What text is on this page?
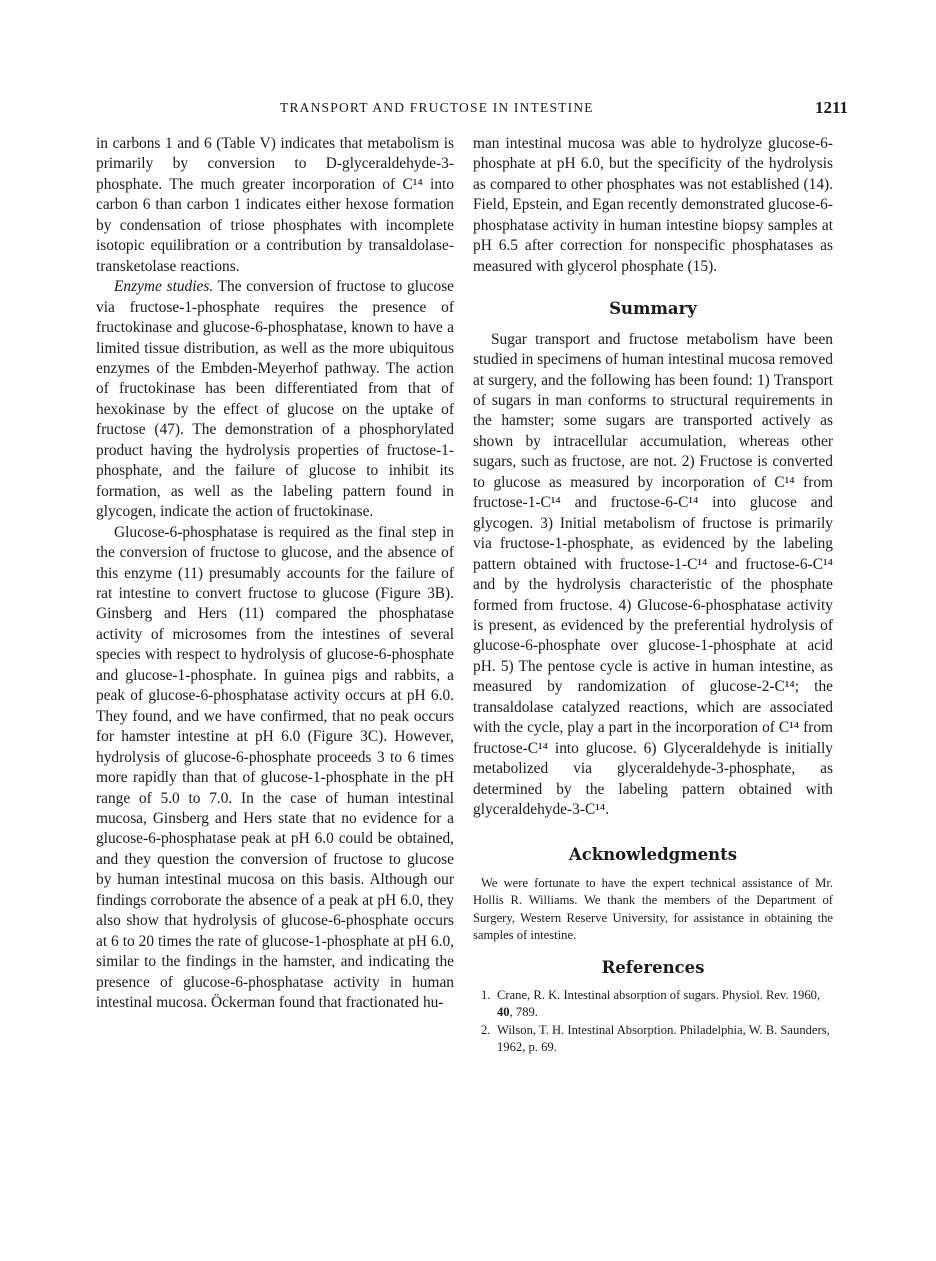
TRANSPORT AND FRUCTOSE IN INTESTINE	1211

in carbons 1 and 6 (Table V) indicates that metabolism is primarily by conversion to D-glyceraldehyde-3-phosphate. The much greater incorporation of C¹⁴ into carbon 6 than carbon 1 indicates either hexose formation by condensation of triose phosphates with incomplete isotopic equilibration or a contribution by transaldolase-transketolase reactions.

Enzyme studies. The conversion of fructose to glucose via fructose-1-phosphate requires the presence of fructokinase and glucose-6-phosphatase, known to have a limited tissue distribution, as well as the more ubiquitous enzymes of the Embden-Meyerhof pathway. The action of fructokinase has been differentiated from that of hexokinase by the effect of glucose on the uptake of fructose (47). The demonstration of a phosphorylated product having the hydrolysis properties of fructose-1-phosphate, and the failure of glucose to inhibit its formation, as well as the labeling pattern found in glycogen, indicate the action of fructokinase.

Glucose-6-phosphatase is required as the final step in the conversion of fructose to glucose, and the absence of this enzyme (11) presumably accounts for the failure of rat intestine to convert fructose to glucose (Figure 3B). Ginsberg and Hers (11) compared the phosphatase activity of microsomes from the intestines of several species with respect to hydrolysis of glucose-6-phosphate and glucose-1-phosphate. In guinea pigs and rabbits, a peak of glucose-6-phosphatase activity occurs at pH 6.0. They found, and we have confirmed, that no peak occurs for hamster intestine at pH 6.0 (Figure 3C). However, hydrolysis of glucose-6-phosphate proceeds 3 to 6 times more rapidly than that of glucose-1-phosphate in the pH range of 5.0 to 7.0. In the case of human intestinal mucosa, Ginsberg and Hers state that no evidence for a glucose-6-phosphatase peak at pH 6.0 could be obtained, and they question the conversion of fructose to glucose by human intestinal mucosa on this basis. Although our findings corroborate the absence of a peak at pH 6.0, they also show that hydrolysis of glucose-6-phosphate occurs at 6 to 20 times the rate of glucose-1-phosphate at pH 6.0, similar to the findings in the hamster, and indicating the presence of glucose-6-phosphatase activity in human intestinal mucosa. Öckerman found that fractionated hu-

man intestinal mucosa was able to hydrolyze glucose-6-phosphate at pH 6.0, but the specificity of the hydrolysis as compared to other phosphates was not established (14). Field, Epstein, and Egan recently demonstrated glucose-6-phosphatase activity in human intestine biopsy samples at pH 6.5 after correction for nonspecific phosphatases as measured with glycerol phosphate (15).

Summary

Sugar transport and fructose metabolism have been studied in specimens of human intestinal mucosa removed at surgery, and the following has been found: 1) Transport of sugars in man conforms to structural requirements in the hamster; some sugars are transported actively as shown by intracellular accumulation, whereas other sugars, such as fructose, are not. 2) Fructose is converted to glucose as measured by incorporation of C¹⁴ from fructose-1-C¹⁴ and fructose-6-C¹⁴ into glucose and glycogen. 3) Initial metabolism of fructose is primarily via fructose-1-phosphate, as evidenced by the labeling pattern obtained with fructose-1-C¹⁴ and fructose-6-C¹⁴ and by the hydrolysis characteristic of the phosphate formed from fructose. 4) Glucose-6-phosphatase activity is present, as evidenced by the preferential hydrolysis of glucose-6-phosphate over glucose-1-phosphate at acid pH. 5) The pentose cycle is active in human intestine, as measured by randomization of glucose-2-C¹⁴; the transaldolase catalyzed reactions, which are associated with the cycle, play a part in the incorporation of C¹⁴ from fructose-C¹⁴ into glucose. 6) Glyceraldehyde is initially metabolized via glyceraldehyde-3-phosphate, as determined by the labeling pattern obtained with glyceraldehyde-3-C¹⁴.

Acknowledgments

We were fortunate to have the expert technical assistance of Mr. Hollis R. Williams. We thank the members of the Department of Surgery, Western Reserve University, for assistance in obtaining the samples of intestine.

References
1. Crane, R. K. Intestinal absorption of sugars. Physiol. Rev. 1960, 40, 789.
2. Wilson, T. H. Intestinal Absorption. Philadelphia, W. B. Saunders, 1962, p. 69.
